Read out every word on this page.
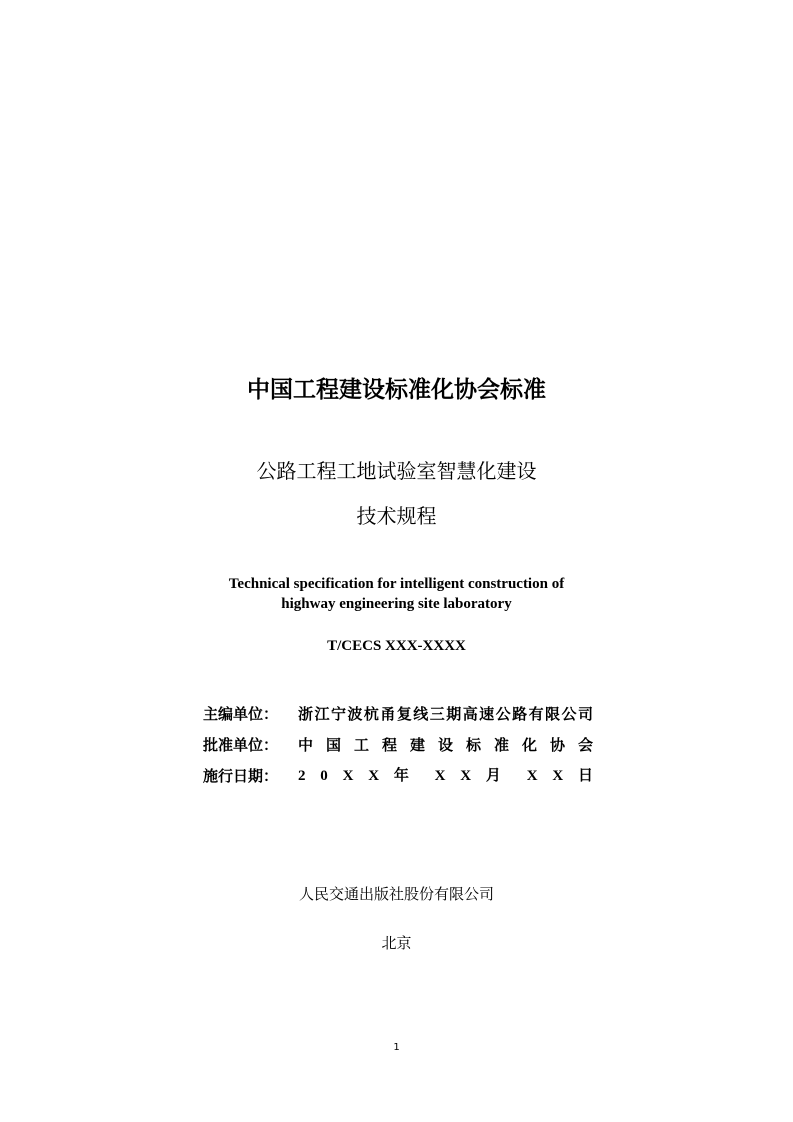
中国工程建设标准化协会标准
公路工程工地试验室智慧化建设
技术规程
Technical specification for intelligent construction of
highway engineering site laboratory
T/CECS XXX-XXXX
主编单位：	浙江宁波杭甬复线三期高速公路有限公司
批准单位：	中国工程建设标准化协会
施行日期：	2 0 X X 年 X X 月 X X 日
人民交通出版社股份有限公司
北京
1
